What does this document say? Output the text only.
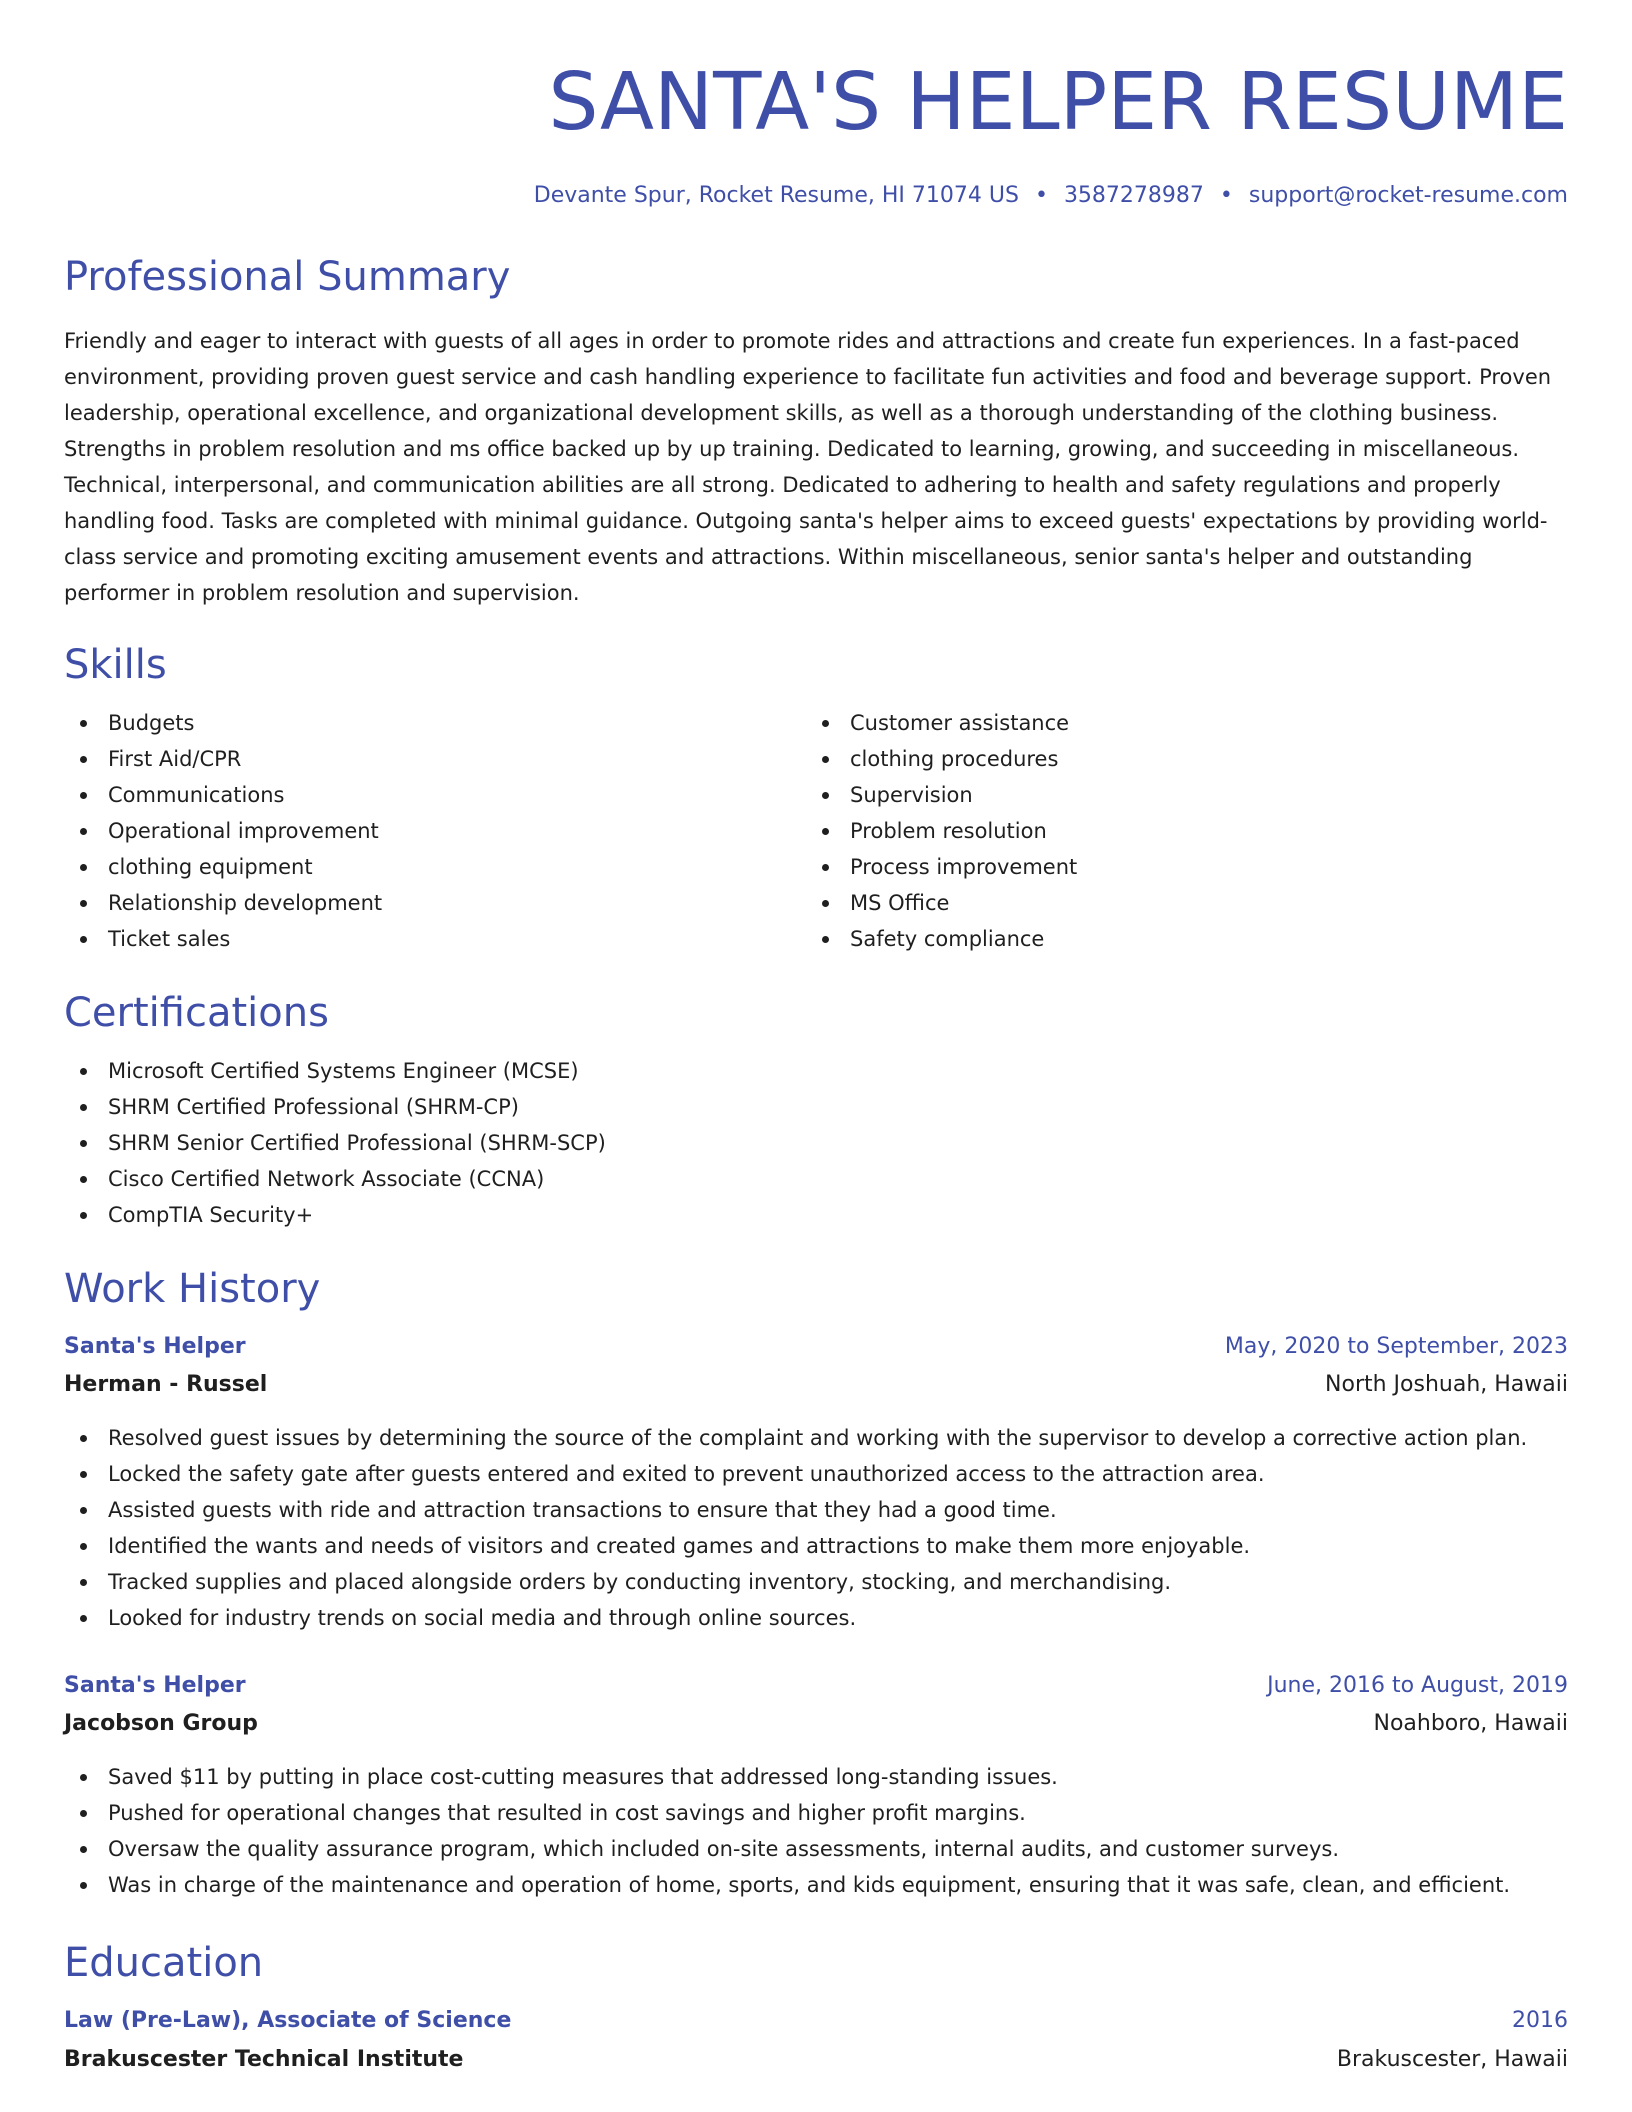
SANTA'S HELPER RESUME
Devante Spur, Rocket Resume, HI 71074 US • 3587278987 • support@rocket-resume.com
Professional Summary

Friendly and eager to interact with guests of all ages in order to promote rides and attractions and create fun experiences. In a fast-paced environment, providing proven guest service and cash handling experience to facilitate fun activities and food and beverage support. Proven leadership, operational excellence, and organizational development skills, as well as a thorough understanding of the clothing business. Strengths in problem resolution and ms office backed up by up training. Dedicated to learning, growing, and succeeding in miscellaneous. Technical, interpersonal, and communication abilities are all strong. Dedicated to adhering to health and safety regulations and properly handling food. Tasks are completed with minimal guidance. Outgoing santa's helper aims to exceed guests' expectations by providing world-class service and promoting exciting amusement events and attractions. Within miscellaneous, senior santa's helper and outstanding performer in problem resolution and supervision.

Skills
Budgets
First Aid/CPR
Communications
Operational improvement
clothing equipment
Relationship development
Ticket sales
Customer assistance
clothing procedures
Supervision
Problem resolution
Process improvement
MS Office
Safety compliance
Certifications
Microsoft Certified Systems Engineer (MCSE)
SHRM Certified Professional (SHRM-CP)
SHRM Senior Certified Professional (SHRM-SCP)
Cisco Certified Network Associate (CCNA)
CompTIA Security+
Work History
Santa's Helper	May, 2020 to September, 2023
Herman - Russel	North Joshuah, Hawaii
Resolved guest issues by determining the source of the complaint and working with the supervisor to develop a corrective action plan.
Locked the safety gate after guests entered and exited to prevent unauthorized access to the attraction area.
Assisted guests with ride and attraction transactions to ensure that they had a good time.
Identified the wants and needs of visitors and created games and attractions to make them more enjoyable.
Tracked supplies and placed alongside orders by conducting inventory, stocking, and merchandising.
Looked for industry trends on social media and through online sources.
Santa's Helper	June, 2016 to August, 2019
Jacobson Group	Noahboro, Hawaii
Saved $11 by putting in place cost-cutting measures that addressed long-standing issues.
Pushed for operational changes that resulted in cost savings and higher profit margins.
Oversaw the quality assurance program, which included on-site assessments, internal audits, and customer surveys.
Was in charge of the maintenance and operation of home, sports, and kids equipment, ensuring that it was safe, clean, and efficient.
Education
Law (Pre-Law), Associate of Science	2016
Brakuscester Technical Institute	Brakuscester, Hawaii
